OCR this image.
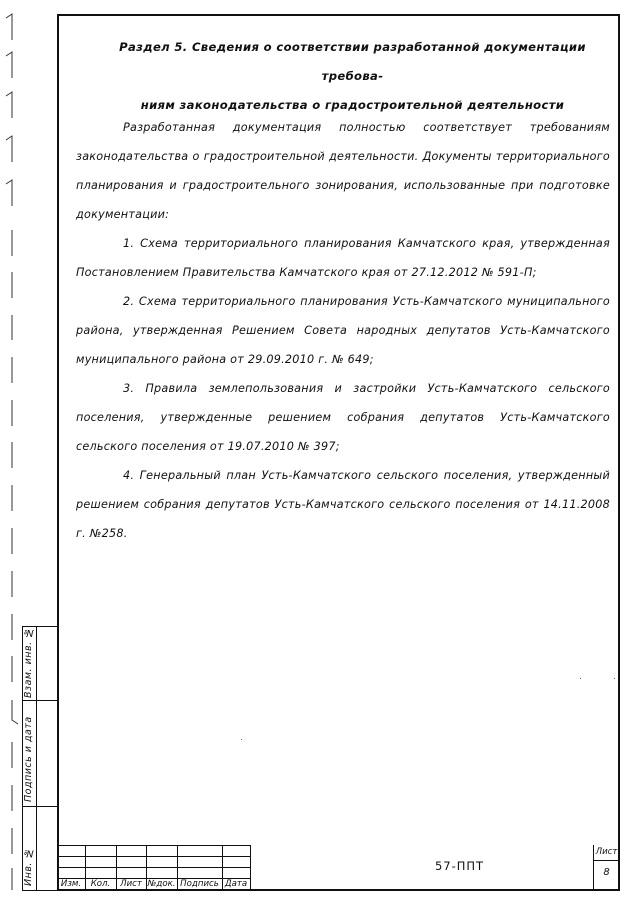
Взам. инв. №
Подпись и дата
Инв. №
Раздел 5. Сведения о соответствии разработанной документации требова-
ниям законодательства о градостроительной деятельности

Разработанная документация полностью соответствует требованиям законодательства о градостроительной деятельности. Документы территориального планирования и градостроительного зонирования, использованные при подготовке документации:

1. Схема территориального планирования Камчатского края, утвержденная Постановлением Правительства Камчатского края от 27.12.2012 № 591-П;

2. Схема территориального планирования Усть-Камчатского муниципального района, утвержденная Решением Совета народных депутатов Усть-Камчатского муниципального района от 29.09.2010 г. № 649;

3. Правила землепользования и застройки Усть-Камчатского сельского поселения, утвержденные решением собрания депутатов Усть-Камчатского сельского поселения от 19.07.2010 № 397;

4. Генеральный план Усть-Камчатского сельского поселения, утвержденный решением собрания депутатов Усть-Камчатского сельского поселения от 14.11.2008 г. №258.

Изм.	Кол.	Лист №док. Подпись Дата
57-ППТ
Лист
8
